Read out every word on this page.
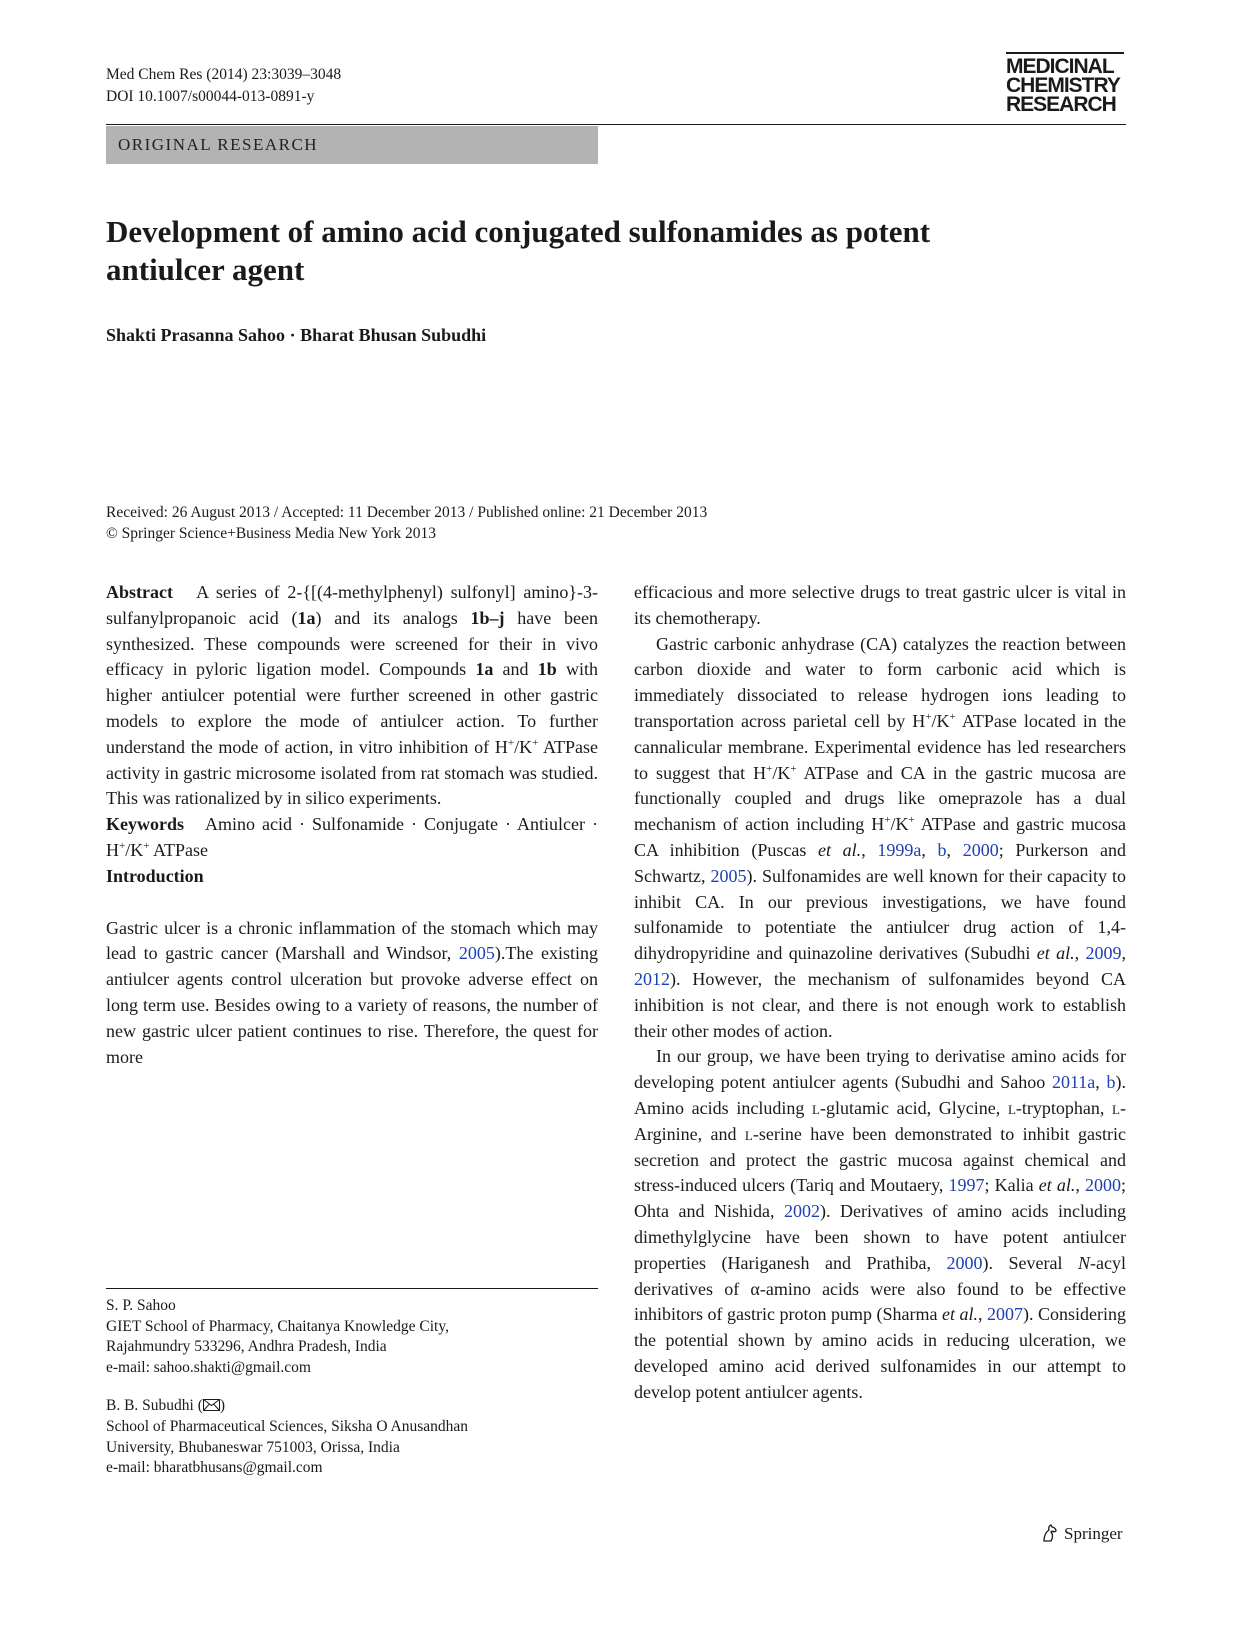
Med Chem Res (2014) 23:3039–3048
DOI 10.1007/s00044-013-0891-y
MEDICINAL
CHEMISTRY
RESEARCH
ORIGINAL RESEARCH
Development of amino acid conjugated sulfonamides as potent antiulcer agent
Shakti Prasanna Sahoo · Bharat Bhusan Subudhi
Received: 26 August 2013 / Accepted: 11 December 2013 / Published online: 21 December 2013
© Springer Science+Business Media New York 2013

Abstract A series of 2-{[(4-methylphenyl) sulfonyl] amino}-3-sulfanylpropanoic acid (1a) and its analogs 1b–j have been synthesized. These compounds were screened for their in vivo efficacy in pyloric ligation model. Compounds 1a and 1b with higher antiulcer potential were further screened in other gastric models to explore the mode of antiulcer action. To further understand the mode of action, in vitro inhibition of H+/K+ ATPase activity in gastric microsome isolated from rat stomach was studied. This was rationalized by in silico experiments.

Keywords Amino acid · Sulfonamide · Conjugate · Antiulcer · H+/K+ ATPase

Introduction

Gastric ulcer is a chronic inflammation of the stomach which may lead to gastric cancer (Marshall and Windsor, 2005).The existing antiulcer agents control ulceration but provoke adverse effect on long term use. Besides owing to a variety of reasons, the number of new gastric ulcer patient continues to rise. Therefore, the quest for more

S. P. Sahoo
GIET School of Pharmacy, Chaitanya Knowledge City,
Rajahmundry 533296, Andhra Pradesh, India
e-mail: sahoo.shakti@gmail.com
B. B. Subudhi ( )
School of Pharmaceutical Sciences, Siksha O Anusandhan
University, Bhubaneswar 751003, Orissa, India
e-mail: bharatbhusans@gmail.com

efficacious and more selective drugs to treat gastric ulcer is vital in its chemotherapy.

Gastric carbonic anhydrase (CA) catalyzes the reaction between carbon dioxide and water to form carbonic acid which is immediately dissociated to release hydrogen ions leading to transportation across parietal cell by H+/K+ ATPase located in the cannalicular membrane. Experimental evidence has led researchers to suggest that H+/K+ ATPase and CA in the gastric mucosa are functionally coupled and drugs like omeprazole has a dual mechanism of action including H+/K+ ATPase and gastric mucosa CA inhibition (Puscas et al., 1999a, b, 2000; Purkerson and Schwartz, 2005). Sulfonamides are well known for their capacity to inhibit CA. In our previous investigations, we have found sulfonamide to potentiate the antiulcer drug action of 1,4-dihydropyridine and quinazoline derivatives (Subudhi et al., 2009, 2012). However, the mechanism of sulfonamides beyond CA inhibition is not clear, and there is not enough work to establish their other modes of action.

In our group, we have been trying to derivatise amino acids for developing potent antiulcer agents (Subudhi and Sahoo 2011a, b). Amino acids including l-glutamic acid, Glycine, l-tryptophan, l-Arginine, and l-serine have been demonstrated to inhibit gastric secretion and protect the gastric mucosa against chemical and stress-induced ulcers (Tariq and Moutaery, 1997; Kalia et al., 2000; Ohta and Nishida, 2002). Derivatives of amino acids including dimethylglycine have been shown to have potent antiulcer properties (Hariganesh and Prathiba, 2000). Several N-acyl derivatives of α-amino acids were also found to be effective inhibitors of gastric proton pump (Sharma et al., 2007). Considering the potential shown by amino acids in reducing ulceration, we developed amino acid derived sulfonamides in our attempt to develop potent antiulcer agents.

Springer
